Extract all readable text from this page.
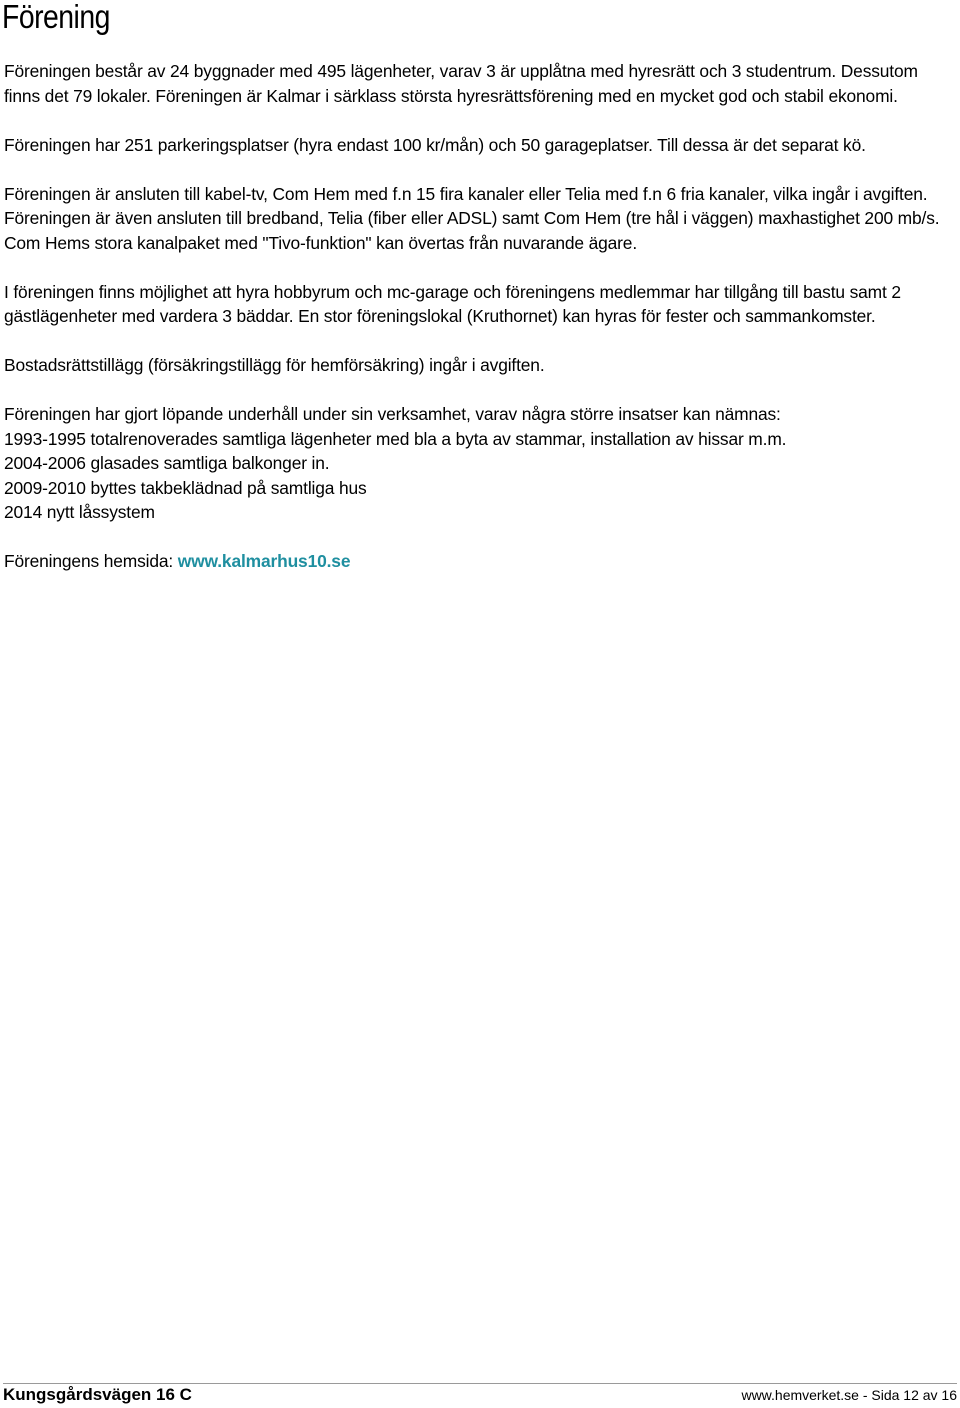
Förening

Föreningen består av 24 byggnader med 495 lägenheter, varav 3 är upplåtna med hyresrätt och 3 studentrum. Dessutom finns det 79 lokaler. Föreningen är Kalmar i särklass största hyresrättsförening med en mycket god och stabil ekonomi.

Föreningen har 251 parkeringsplatser (hyra endast 100 kr/mån) och 50 garageplatser. Till dessa är det separat kö.

Föreningen är ansluten till kabel-tv, Com Hem med f.n 15 fira kanaler eller Telia med f.n 6 fria kanaler, vilka ingår i avgiften. Föreningen är även ansluten till bredband, Telia (fiber eller ADSL) samt Com Hem (tre hål i väggen) maxhastighet 200 mb/s.
Com Hems stora kanalpaket med "Tivo-funktion" kan övertas från nuvarande ägare.

I föreningen finns möjlighet att hyra hobbyrum och mc-garage och föreningens medlemmar har tillgång till bastu samt 2 gästlägenheter med vardera 3 bäddar. En stor föreningslokal (Kruthornet) kan hyras för fester och sammankomster.

Bostadsrättstillägg (försäkringstillägg för hemförsäkring) ingår i avgiften.

Föreningen har gjort löpande underhåll under sin verksamhet, varav några större insatser kan nämnas:
1993-1995 totalrenoverades samtliga lägenheter med bla a byta av stammar, installation av hissar m.m.
2004-2006 glasades samtliga balkonger in.
2009-2010 byttes takbeklädnad på samtliga hus
2014 nytt låssystem

Föreningens hemsida: www.kalmarhus10.se

Kungsgårdsvägen 16 C	www.hemverket.se - Sida 12 av 16
